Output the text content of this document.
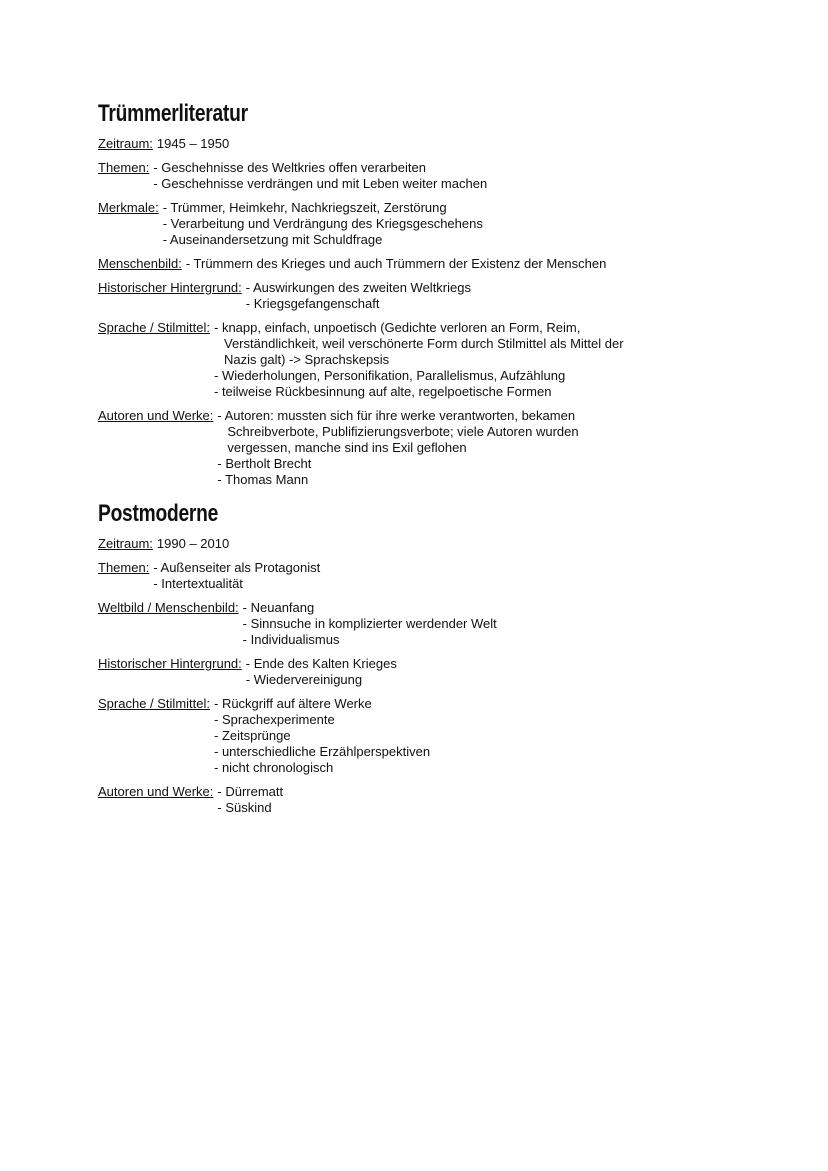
Trümmerliteratur
Zeitraum: 1945 – 1950
Themen: - Geschehnisse des Weltkries offen verarbeiten
- Geschehnisse verdrängen und mit Leben weiter machen
Merkmale: - Trümmer, Heimkehr, Nachkriegszeit, Zerstörung
- Verarbeitung und Verdrängung des Kriegsgeschehens
- Auseinandersetzung mit Schuldfrage
Menschenbild: - Trümmern des Krieges und auch Trümmern der Existenz der Menschen
Historischer Hintergrund: - Auswirkungen des zweiten Weltkriegs
- Kriegsgefangenschaft
Sprache / Stilmittel: - knapp, einfach, unpoetisch (Gedichte verloren an Form, Reim,
Verständlichkeit, weil verschönerte Form durch Stilmittel als Mittel der
Nazis galt) -> Sprachskepsis
- Wiederholungen, Personifikation, Parallelismus, Aufzählung
- teilweise Rückbesinnung auf alte, regelpoetische Formen
Autoren und Werke: - Autoren: mussten sich für ihre werke verantworten, bekamen
Schreibverbote, Publifizierungsverbote; viele Autoren wurden
vergessen, manche sind ins Exil geflohen
- Bertholt Brecht
- Thomas Mann
Postmoderne
Zeitraum: 1990 – 2010
Themen: - Außenseiter als Protagonist
- Intertextualität
Weltbild / Menschenbild: - Neuanfang
- Sinnsuche in komplizierter werdender Welt
- Individualismus
Historischer Hintergrund: - Ende des Kalten Krieges
- Wiedervereinigung
Sprache / Stilmittel: - Rückgriff auf ältere Werke
- Sprachexperimente
- Zeitsprünge
- unterschiedliche Erzählperspektiven
- nicht chronologisch
Autoren und Werke: - Dürrematt
- Süskind
